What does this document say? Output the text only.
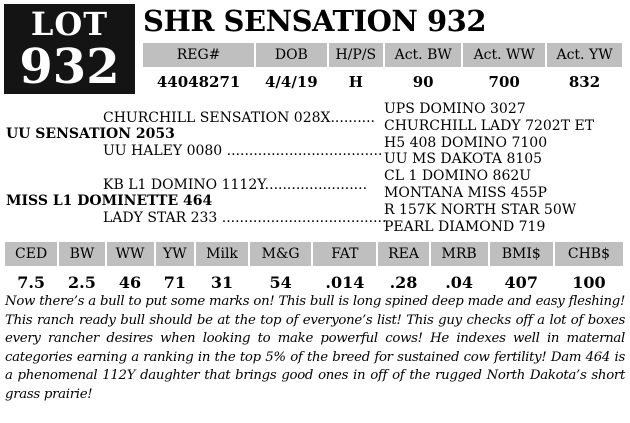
LOT
932
SHR SENSATION 932
REG#	DOB	H/P/S	Act. BW	Act. WW	Act. YW
44048271	4/4/19	H	90	700	832
CHURCHILL SENSATION 028X..........
UU SENSATION 2053
UU HALEY 0080 ...................................
KB L1 DOMINO 1112Y.......................
MISS L1 DOMINETTE 464
LADY STAR 233 .....................................
UPS DOMINO 3027
CHURCHILL LADY 7202T ET
H5 408 DOMINO 7100
UU MS DAKOTA 8105
CL 1 DOMINO 862U
MONTANA MISS 455P
R 157K NORTH STAR 50W
PEARL DIAMOND 719
CED	BW	WW	YW	Milk	M&G	FAT	REA	MRB	BMI$	CHB$
7.5	2.5	46	71	31	54	.014	.28	.04	407	100

Now there’s a bull to put some marks on! This bull is long spined deep made and easy fleshing! This ranch ready bull should be at the top of everyone’s list! This guy checks off a lot of boxes every rancher desires when looking to make powerful cows! He indexes well in maternal categories earning a ranking in the top 5% of the breed for sustained cow fertility! Dam 464 is a phenomenal 112Y daughter that brings good ones in off of the rugged North Dakota’s short grass prairie!
